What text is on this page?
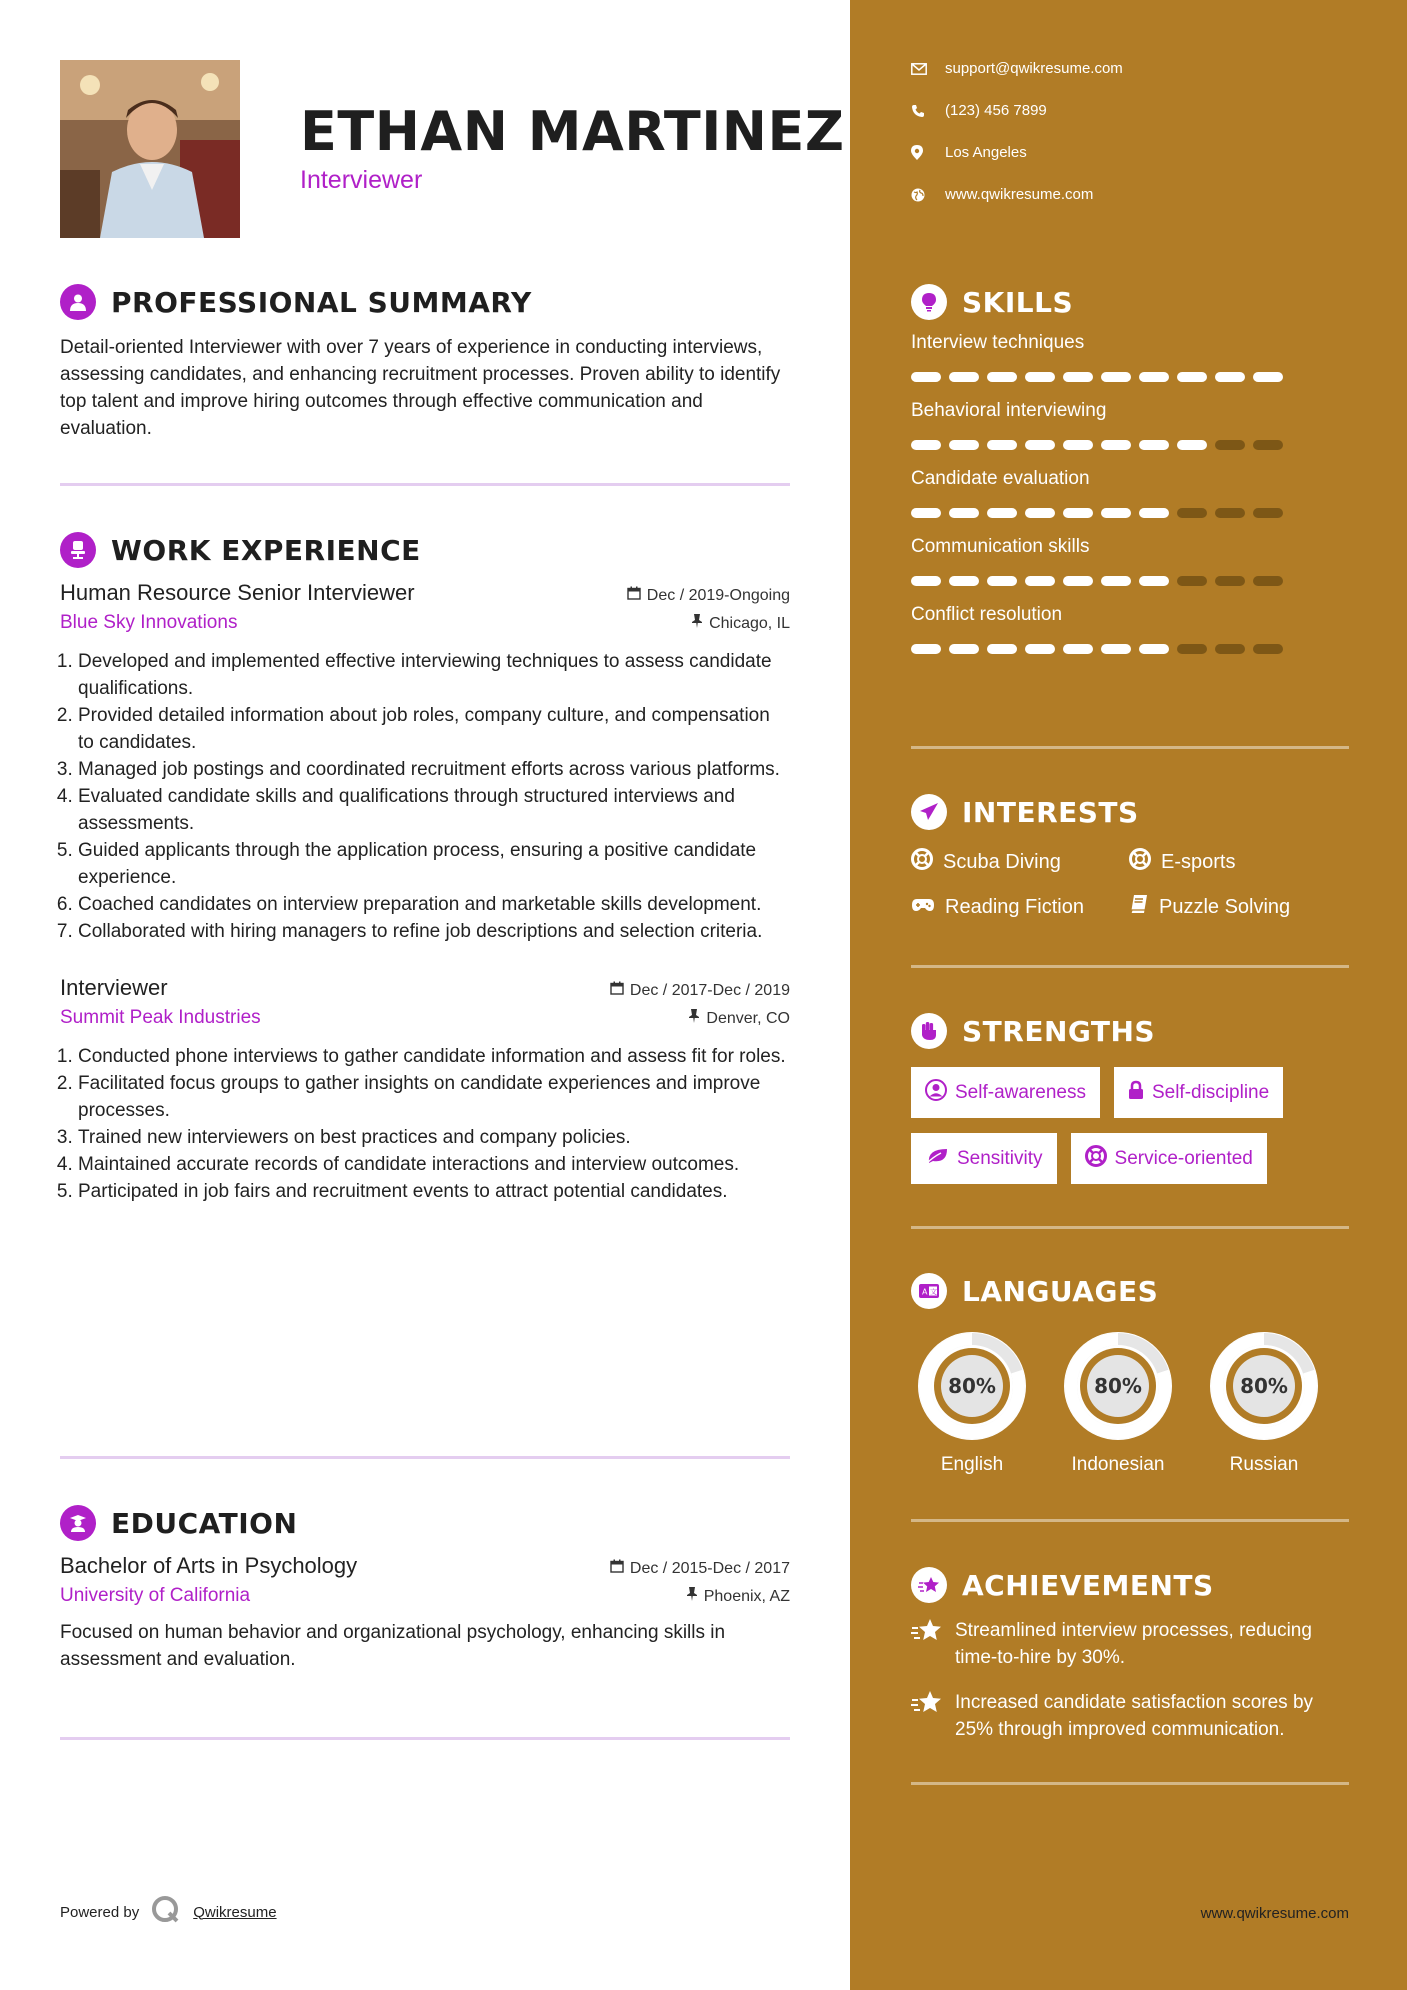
ETHAN MARTINEZ
Interviewer
support@qwikresume.com
(123) 456 7899
Los Angeles
www.qwikresume.com
PROFESSIONAL SUMMARY
Detail-oriented Interviewer with over 7 years of experience in conducting interviews, assessing candidates, and enhancing recruitment processes. Proven ability to identify top talent and improve hiring outcomes through effective communication and evaluation.
WORK EXPERIENCE
Human Resource Senior Interviewer	Dec / 2019-Ongoing
Blue Sky Innovations	Chicago, IL
1. Developed and implemented effective interviewing techniques to assess candidate qualifications.
2. Provided detailed information about job roles, company culture, and compensation to candidates.
3. Managed job postings and coordinated recruitment efforts across various platforms.
4. Evaluated candidate skills and qualifications through structured interviews and assessments.
5. Guided applicants through the application process, ensuring a positive candidate experience.
6. Coached candidates on interview preparation and marketable skills development.
7. Collaborated with hiring managers to refine job descriptions and selection criteria.
Interviewer	Dec / 2017-Dec / 2019
Summit Peak Industries	Denver, CO
1. Conducted phone interviews to gather candidate information and assess fit for roles.
2. Facilitated focus groups to gather insights on candidate experiences and improve processes.
3. Trained new interviewers on best practices and company policies.
4. Maintained accurate records of candidate interactions and interview outcomes.
5. Participated in job fairs and recruitment events to attract potential candidates.
EDUCATION
Bachelor of Arts in Psychology	Dec / 2015-Dec / 2017
University of California	Phoenix, AZ
Focused on human behavior and organizational psychology, enhancing skills in assessment and evaluation.
SKILLS
Interview techniques
Behavioral interviewing
Candidate evaluation
Communication skills
Conflict resolution
INTERESTS
Scuba Diving	E-sports
Reading Fiction	Puzzle Solving
STRENGTHS
Self-awareness	Self-discipline
Sensitivity	Service-oriented
A 文 LANGUAGES
80%
English
80%
Indonesian
80%
Russian
ACHIEVEMENTS
Streamlined interview processes, reducing time-to-hire by 30%.
Increased candidate satisfaction scores by 25% through improved communication.
Powered by	Qwikresume	www.qwikresume.com
